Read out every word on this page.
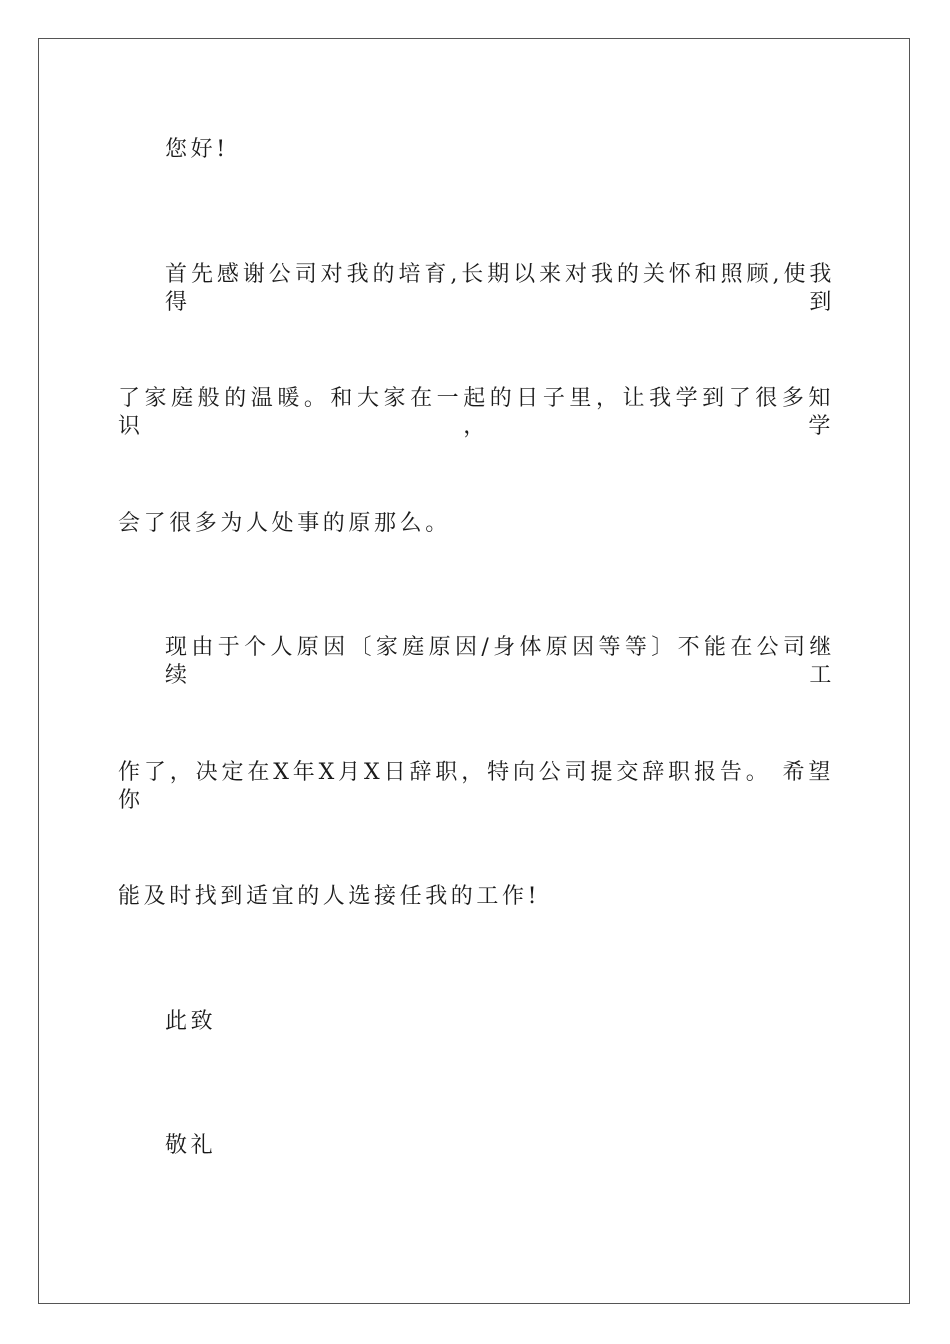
您好!
首先感谢公司对我的培育,长期以来对我的关怀和照顾,使我得到
了家庭般的温暖。和大家在一起的日子里，让我学到了很多知识，学
会了很多为人处事的原那么。
现由于个人原因〔家庭原因/身体原因等等〕不能在公司继续工
作了，决定在X年X月X日辞职，特向公司提交辞职报告。 希望你
能及时找到适宜的人选接任我的工作!
此致
敬礼
